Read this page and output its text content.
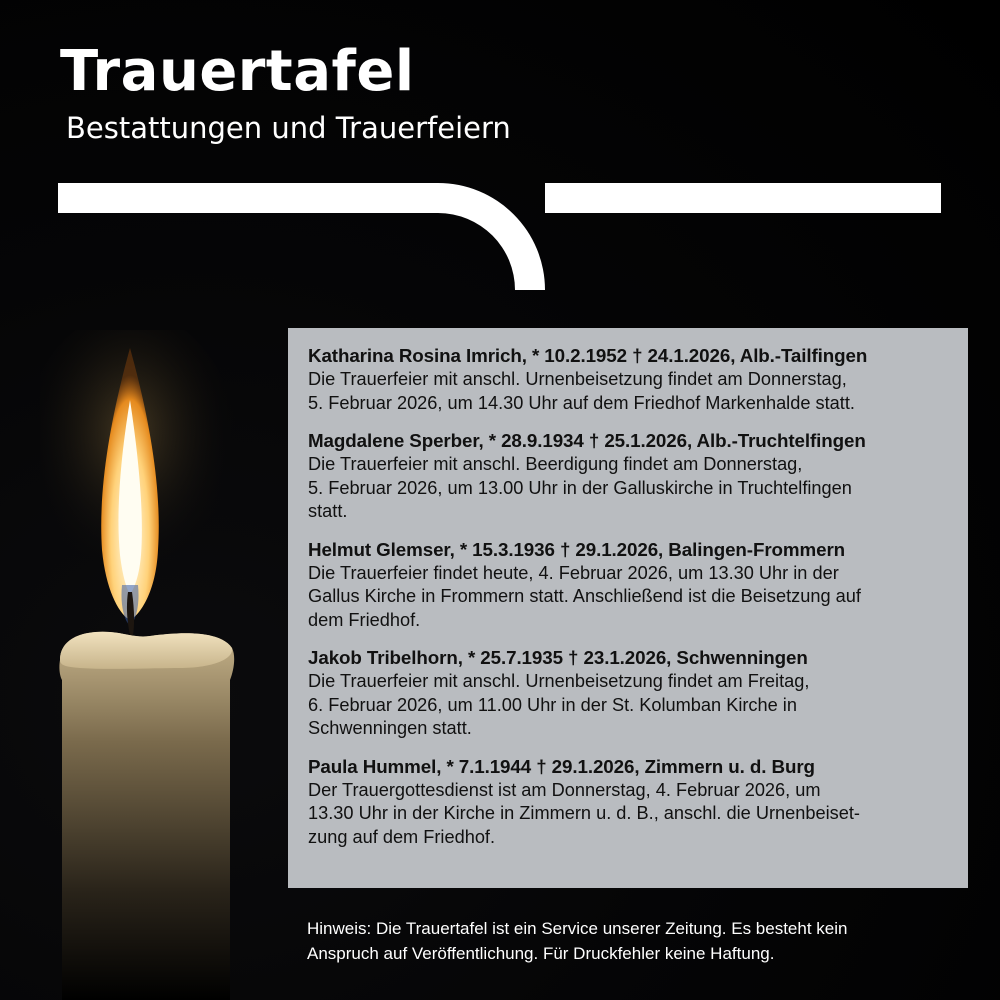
Trauertafel
Bestattungen und Trauerfeiern
Katharina Rosina Imrich, * 10.2.1952 † 24.1.2026, Alb.-Tailfingen

Die Trauerfeier mit anschl. Urnenbeisetzung findet am Donnerstag,
5. Februar 2026, um 14.30 Uhr auf dem Friedhof Markenhalde statt.

Magdalene Sperber, * 28.9.1934 † 25.1.2026, Alb.-Truchtelfingen

Die Trauerfeier mit anschl. Beerdigung findet am Donnerstag,
5. Februar 2026, um 13.00 Uhr in der Galluskirche in Truchtelfingen
statt.

Helmut Glemser, * 15.3.1936 † 29.1.2026, Balingen-Frommern

Die Trauerfeier findet heute, 4. Februar 2026, um 13.30 Uhr in der
Gallus Kirche in Frommern statt. Anschließend ist die Beisetzung auf
dem Friedhof.

Jakob Tribelhorn, * 25.7.1935 † 23.1.2026, Schwenningen

Die Trauerfeier mit anschl. Urnenbeisetzung findet am Freitag,
6. Februar 2026, um 11.00 Uhr in der St. Kolumban Kirche in
Schwenningen statt.

Paula Hummel, * 7.1.1944 † 29.1.2026, Zimmern u. d. Burg

Der Trauergottesdienst ist am Donnerstag, 4. Februar 2026, um
13.30 Uhr in der Kirche in Zimmern u. d. B., anschl. die Urnenbeiset-
zung auf dem Friedhof.

Hinweis: Die Trauertafel ist ein Service unserer Zeitung. Es besteht kein
Anspruch auf Veröffentlichung. Für Druckfehler keine Haftung.
